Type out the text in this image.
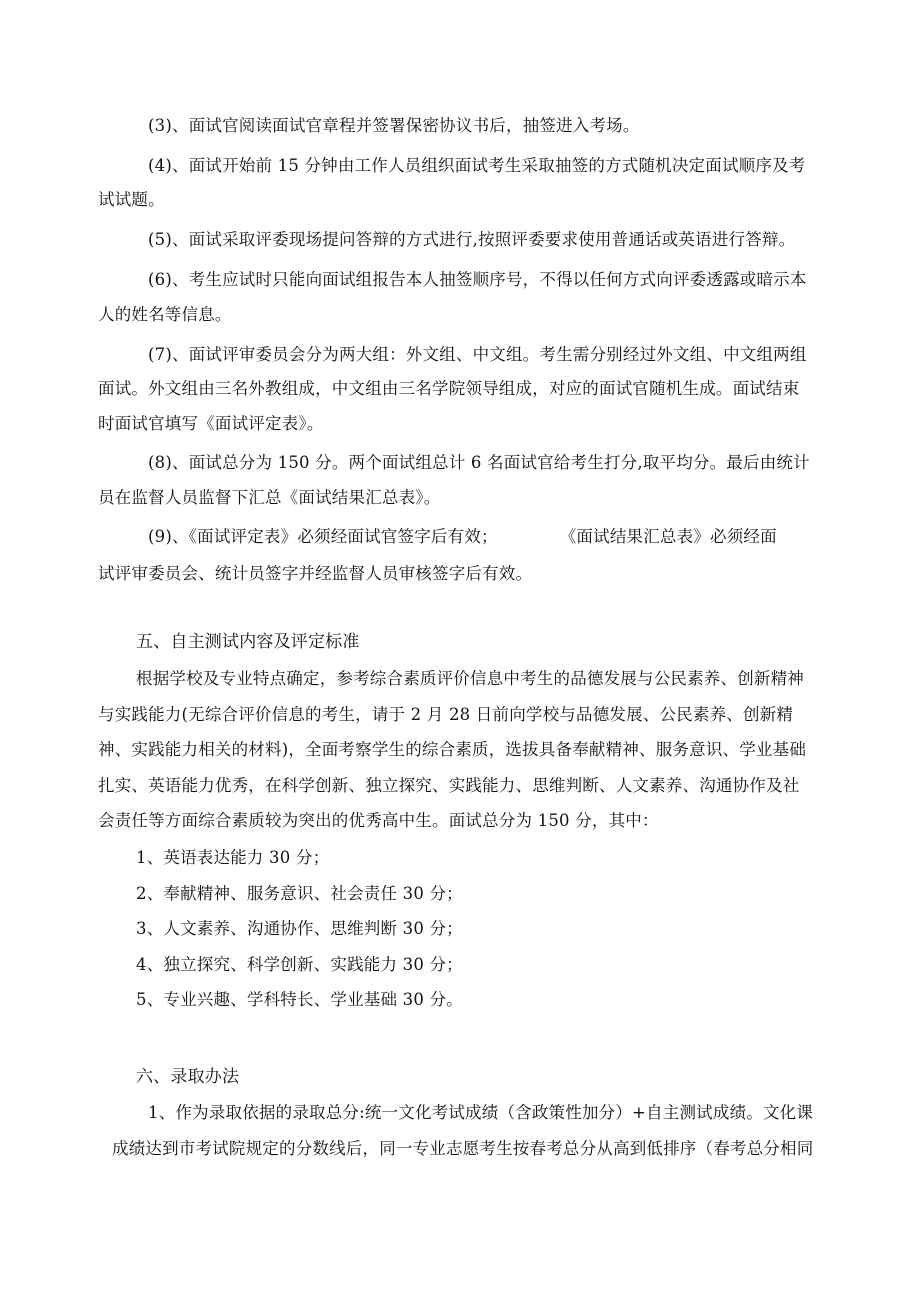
(3)、面试官阅读面试官章程并签署保密协议书后，抽签进入考场。
(4)、面试开始前 15 分钟由工作人员组织面试考生采取抽签的方式随机决定面试顺序及考
试试题。
(5)、面试采取评委现场提问答辩的方式进行,按照评委要求使用普通话或英语进行答辩。
(6)、考生应试时只能向面试组报告本人抽签顺序号，不得以任何方式向评委透露或暗示本
人的姓名等信息。
(7)、面试评审委员会分为两大组：外文组、中文组。考生需分别经过外文组、中文组两组
面试。外文组由三名外教组成，中文组由三名学院领导组成，对应的面试官随机生成。面试结束
时面试官填写《面试评定表》。
(8)、面试总分为 150 分。两个面试组总计 6 名面试官给考生打分,取平均分。最后由统计
员在监督人员监督下汇总《面试结果汇总表》。
(9)、《面试评定表》必须经面试官签字后有效；	《面试结果汇总表》必须经面
试评审委员会、统计员签字并经监督人员审核签字后有效。
五、自主测试内容及评定标准
根据学校及专业特点确定，参考综合素质评价信息中考生的品德发展与公民素养、创新精神
与实践能力(无综合评价信息的考生，请于 2 月 28 日前向学校与品德发展、公民素养、创新精
神、实践能力相关的材料)，全面考察学生的综合素质，选拔具备奉献精神、服务意识、学业基础
扎实、英语能力优秀，在科学创新、独立探究、实践能力、思维判断、人文素养、沟通协作及社
会责任等方面综合素质较为突出的优秀高中生。面试总分为 150 分，其中：
1、英语表达能力 30 分；
2、奉献精神、服务意识、社会责任 30 分；
3、人文素养、沟通协作、思维判断 30 分；
4、独立探究、科学创新、实践能力 30 分；
5、专业兴趣、学科特长、学业基础 30 分。
六、录取办法
1、作为录取依据的录取总分:统一文化考试成绩（含政策性加分）+自主测试成绩。文化课
成绩达到市考试院规定的分数线后，同一专业志愿考生按春考总分从高到低排序（春考总分相同
